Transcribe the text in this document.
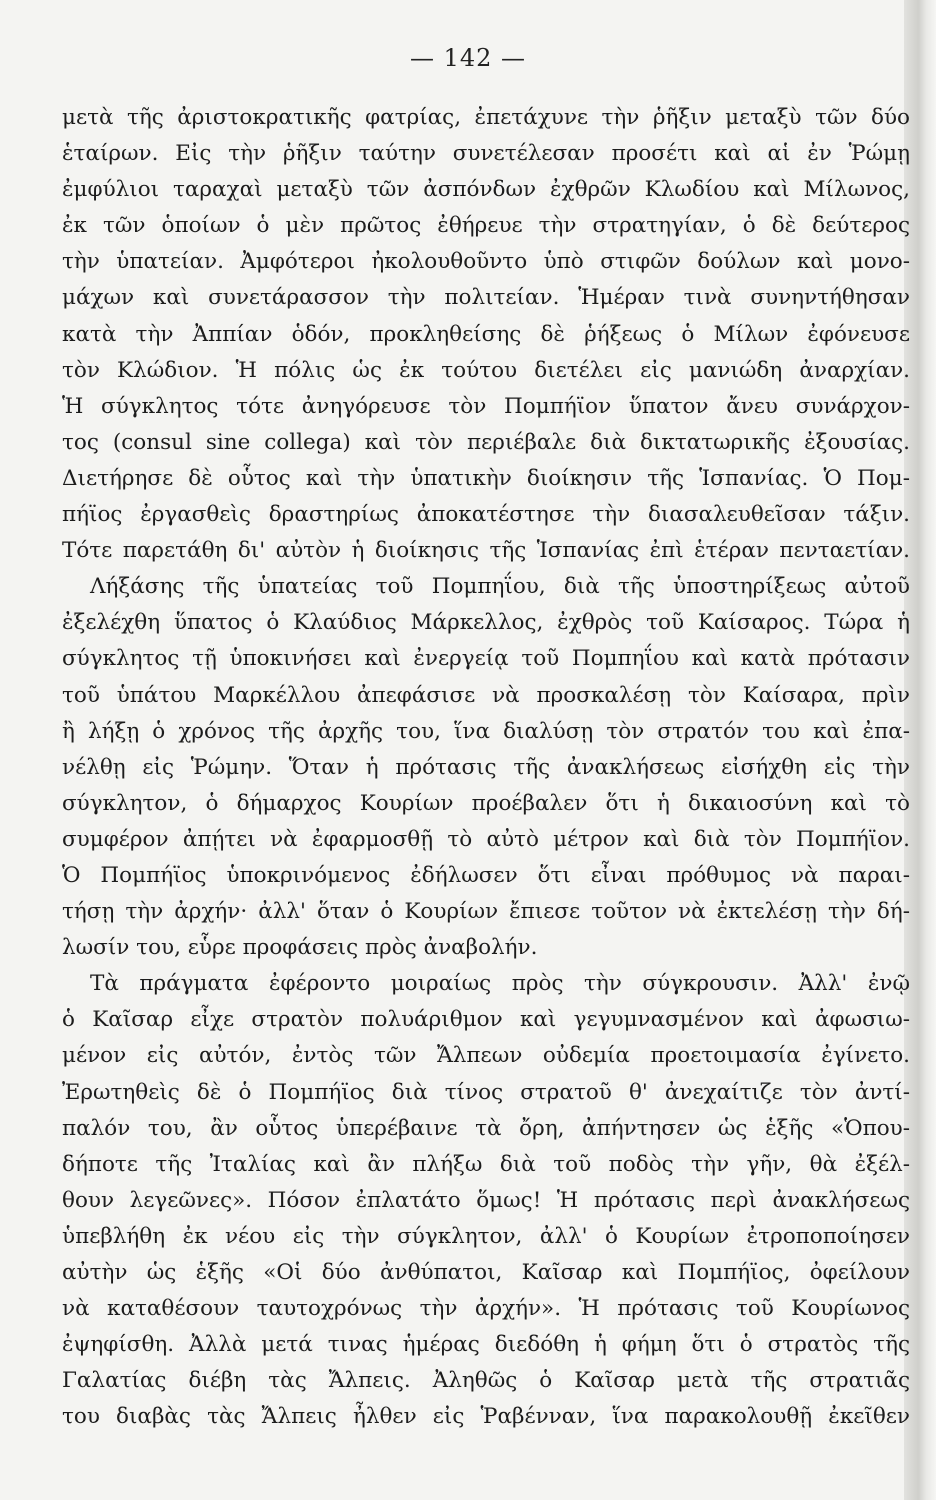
— 142 —
μετὰ τῆς ἀριστοκρατικῆς φατρίας, ἐπετάχυνε τὴν ῥῆξιν μεταξὺ τῶν δύο
ἑταίρων. Εἰς τὴν ῥῆξιν ταύτην συνετέλεσαν προσέτι καὶ αἱ ἐν Ῥώμῃ
ἐμφύλιοι ταραχαὶ μεταξὺ τῶν ἀσπόνδων ἐχθρῶν Κλωδίου καὶ Μίλωνος,
ἐκ τῶν ὁποίων ὁ μὲν πρῶτος ἐθήρευε τὴν στρατηγίαν, ὁ δὲ δεύτερος
τὴν ὑπατείαν. Ἀμφότεροι ἠκολουθοῦντο ὑπὸ στιφῶν δούλων καὶ μονο-
μάχων καὶ συνετάρασσον τὴν πολιτείαν. Ἡμέραν τινὰ συνηντήθησαν
κατὰ τὴν Ἀππίαν ὁδόν, προκληθείσης δὲ ῥήξεως ὁ Μίλων ἐφόνευσε
τὸν Κλώδιον. Ἡ πόλις ὡς ἐκ τούτου διετέλει εἰς μανιώδη ἀναρχίαν.
Ἡ σύγκλητος τότε ἀνηγόρευσε τὸν Πομπήϊον ὕπατον ἄνευ συνάρχον-
τος (consul sine collega) καὶ τὸν περιέβαλε διὰ δικτατωρικῆς ἐξουσίας.
Διετήρησε δὲ οὗτος καὶ τὴν ὑπατικὴν διοίκησιν τῆς Ἱσπανίας. Ὁ Πομ-
πήϊος ἐργασθεὶς δραστηρίως ἀποκατέστησε τὴν διασαλευθεῖσαν τάξιν.
Τότε παρετάθη δι' αὐτὸν ἡ διοίκησις τῆς Ἱσπανίας ἐπὶ ἑτέραν πενταετίαν.
Λήξάσης τῆς ὑπατείας τοῦ Πομπηΐου, διὰ τῆς ὑποστηρίξεως αὐτοῦ
ἐξελέχθη ὕπατος ὁ Κλαύδιος Μάρκελλος, ἐχθρὸς τοῦ Καίσαρος. Τώρα ἡ
σύγκλητος τῇ ὑποκινήσει καὶ ἐνεργείᾳ τοῦ Πομπηΐου καὶ κατὰ πρότασιν
τοῦ ὑπάτου Μαρκέλλου ἀπεφάσισε νὰ προσκαλέσῃ τὸν Καίσαρα, πρὶν
ἢ λήξῃ ὁ χρόνος τῆς ἀρχῆς του, ἵνα διαλύσῃ τὸν στρατόν του καὶ ἐπα-
νέλθῃ εἰς Ῥώμην. Ὅταν ἡ πρότασις τῆς ἀνακλήσεως εἰσήχθη εἰς τὴν
σύγκλητον, ὁ δήμαρχος Κουρίων προέβαλεν ὅτι ἡ δικαιοσύνη καὶ τὸ
συμφέρον ἀπῄτει νὰ ἐφαρμοσθῇ τὸ αὐτὸ μέτρον καὶ διὰ τὸν Πομπήϊον.
Ὁ Πομπήϊος ὑποκρινόμενος ἐδήλωσεν ὅτι εἶναι πρόθυμος νὰ παραι-
τήσῃ τὴν ἀρχήν· ἀλλ' ὅταν ὁ Κουρίων ἔπιεσε τοῦτον νὰ ἐκτελέσῃ τὴν δή-
λωσίν του, εὗρε προφάσεις πρὸς ἀναβολήν.
Τὰ πράγματα ἐφέροντο μοιραίως πρὸς τὴν σύγκρουσιν. Ἀλλ' ἐνῷ
ὁ Καῖσαρ εἶχε στρατὸν πολυάριθμον καὶ γεγυμνασμένον καὶ ἀφωσιω-
μένον εἰς αὐτόν, ἐντὸς τῶν Ἄλπεων οὐδεμία προετοιμασία ἐγίνετο.
Ἐρωτηθεὶς δὲ ὁ Πομπήϊος διὰ τίνος στρατοῦ θ' ἀνεχαίτιζε τὸν ἀντί-
παλόν του, ἂν οὗτος ὑπερέβαινε τὰ ὄρη, ἀπήντησεν ὡς ἑξῆς «Ὁπου-
δήποτε τῆς Ἰταλίας καὶ ἂν πλήξω διὰ τοῦ ποδὸς τὴν γῆν, θὰ ἐξέλ-
θουν λεγεῶνες». Πόσον ἐπλατάτο ὅμως! Ἡ πρότασις περὶ ἀνακλήσεως
ὑπεβλήθη ἐκ νέου εἰς τὴν σύγκλητον, ἀλλ' ὁ Κουρίων ἐτροποποίησεν
αὐτὴν ὡς ἑξῆς «Οἱ δύο ἀνθύπατοι, Καῖσαρ καὶ Πομπήϊος, ὀφείλουν
νὰ καταθέσουν ταυτοχρόνως τὴν ἀρχήν». Ἡ πρότασις τοῦ Κουρίωνος
ἐψηφίσθη. Ἀλλὰ μετά τινας ἡμέρας διεδόθη ἡ φήμη ὅτι ὁ στρατὸς τῆς
Γαλατίας διέβη τὰς Ἄλπεις. Ἀληθῶς ὁ Καῖσαρ μετὰ τῆς στρατιᾶς
του διαβὰς τὰς Ἄλπεις ἦλθεν εἰς Ῥαβένναν, ἵνα παρακολουθῇ ἐκεῖθεν
